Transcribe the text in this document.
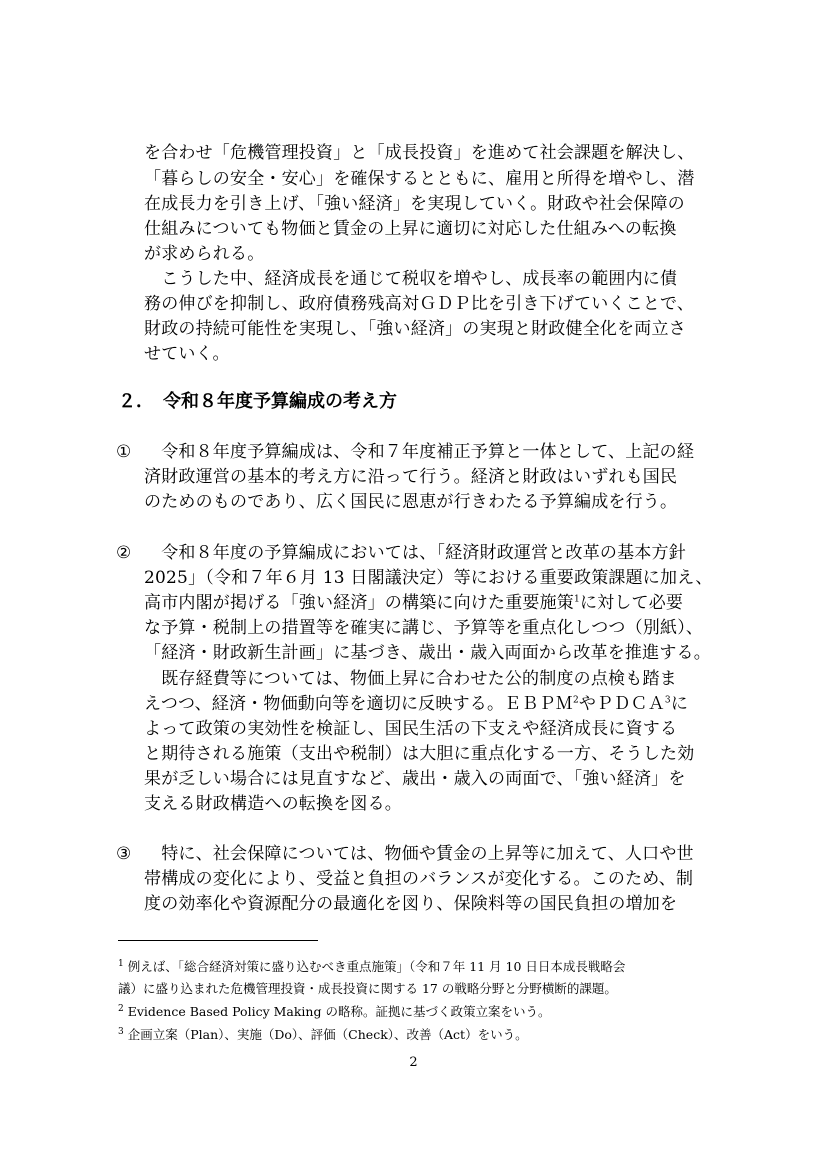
を合わせ「危機管理投資」と「成長投資」を進めて社会課題を解決し、
「暮らしの安全・安心」を確保するとともに、雇用と所得を増やし、潜
在成長力を引き上げ、「強い経済」を実現していく。財政や社会保障の
仕組みについても物価と賃金の上昇に適切に対応した仕組みへの転換
が求められる。
　こうした中、経済成長を通じて税収を増やし、成長率の範囲内に債
務の伸びを抑制し、政府債務残高対ＧＤＰ比を引き下げていくことで、
財政の持続可能性を実現し、「強い経済」の実現と財政健全化を両立さ
せていく。
２．　令和８年度予算編成の考え方
① 　令和８年度予算編成は、令和７年度補正予算と一体として、上記の経
済財政運営の基本的考え方に沿って行う。経済と財政はいずれも国民
のためのものであり、広く国民に恩恵が行きわたる予算編成を行う。
② 　令和８年度の予算編成においては、「経済財政運営と改革の基本方針
2025」（令和７年６月 13 日閣議決定）等における重要政策課題に加え、
高市内閣が掲げる「強い経済」の構築に向けた重要施策$^1$に対して必要
な予算・税制上の措置等を確実に講じ、予算等を重点化しつつ（別紙）、
「経済・財政新生計画」に基づき、歳出・歳入両面から改革を推進する。
　既存経費等については、物価上昇に合わせた公的制度の点検も踏ま
えつつ、経済・物価動向等を適切に反映する。ＥＢＰＭ$^2$やＰＤＣＡ$^3$に
よって政策の実効性を検証し、国民生活の下支えや経済成長に資する
と期待される施策（支出や税制）は大胆に重点化する一方、そうした効
果が乏しい場合には見直すなど、歳出・歳入の両面で、「強い経済」を
支える財政構造への転換を図る。
③ 　特に、社会保障については、物価や賃金の上昇等に加えて、人口や世
帯構成の変化により、受益と負担のバランスが変化する。このため、制
度の効率化や資源配分の最適化を図り、保険料等の国民負担の増加を
$^1$ 例えば、「総合経済対策に盛り込むべき重点施策」（令和７年 11 月 10 日日本成長戦略会
議）に盛り込まれた危機管理投資・成長投資に関する 17 の戦略分野と分野横断的課題。
$^2$ Evidence Based Policy Making の略称。証拠に基づく政策立案をいう。
$^3$ 企画立案（Plan）、実施（Do）、評価（Check）、改善（Act）をいう。
2
